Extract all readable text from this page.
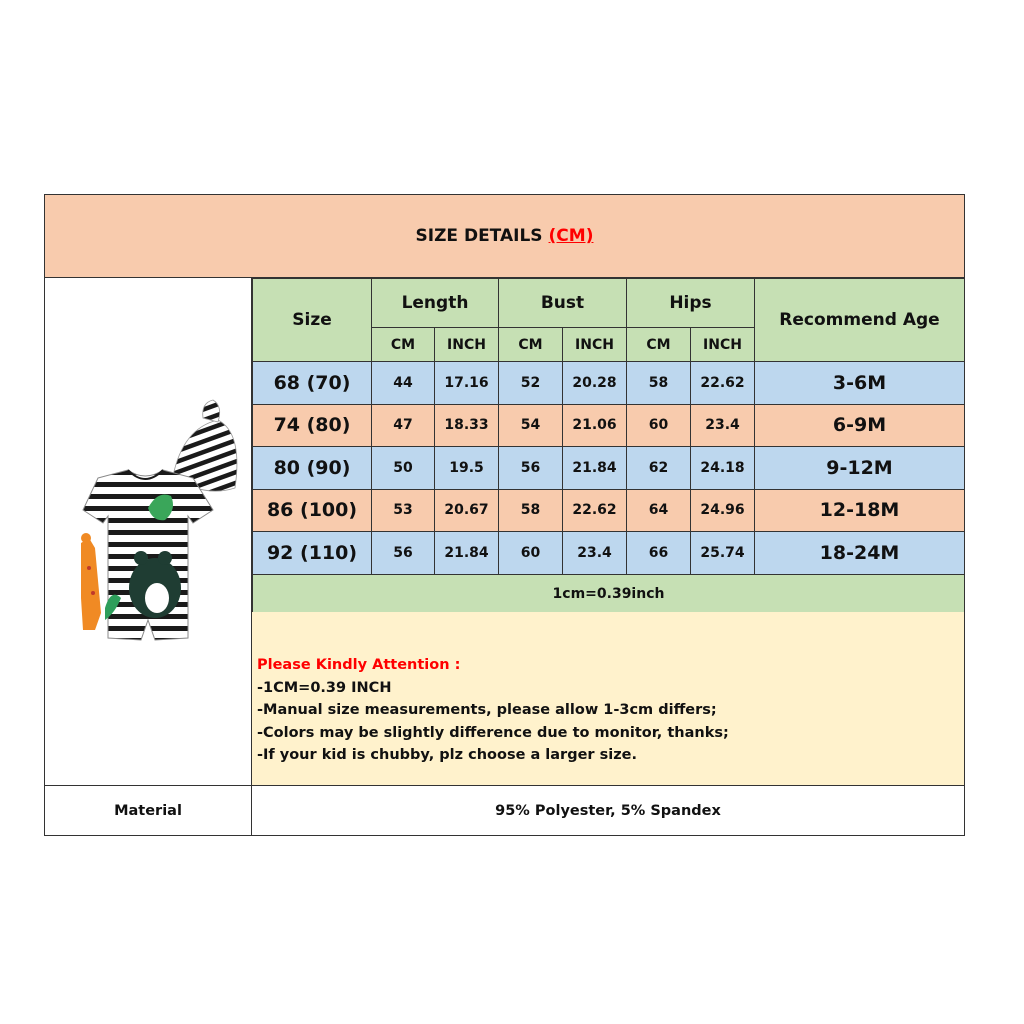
SIZE DETAILS (CM)
Size	Length		Bust		Hips		Recommend Age
	CM	INCH	CM	INCH	CM	INCH	
68 (70)	44	17.16	52	20.28	58	22.62	3-6M
74 (80)	47	18.33	54	21.06	60	23.4	6-9M
80 (90)	50	19.5	56	21.84	62	24.18	9-12M
86 (100)	53	20.67	58	22.62	64	24.96	12-18M
92 (110)	56	21.84	60	23.4	66	25.74	18-24M
1cm=0.39inch							
Please Kindly Attention :
-1CM=0.39 INCH
-Manual size measurements, please allow 1-3cm differs;
-Colors may be slightly difference due to monitor, thanks;
-If your kid is chubby, plz choose a larger size.
Material	95% Polyester, 5% Spandex
